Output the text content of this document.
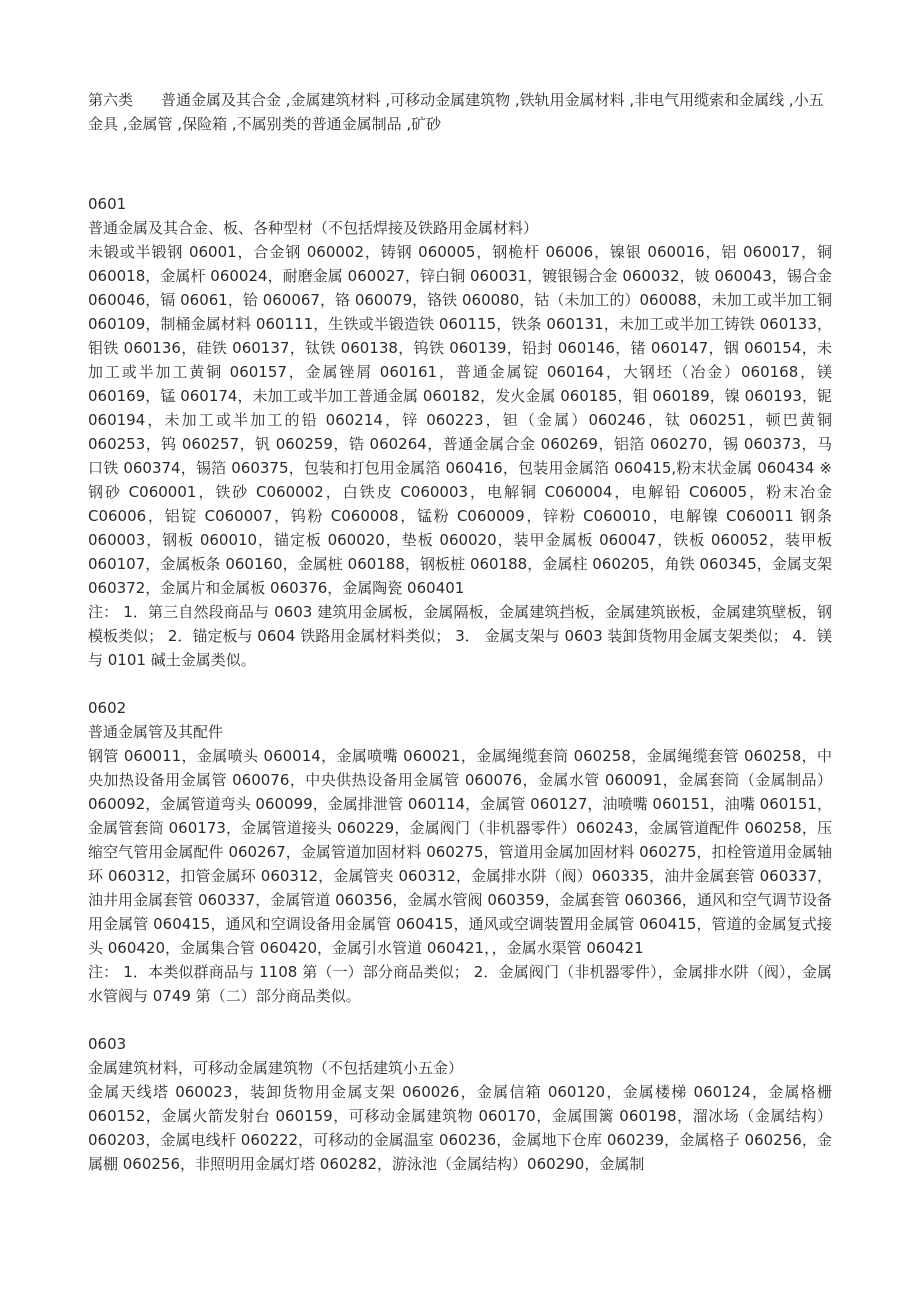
第六类 普通金属及其合金 ,金属建筑材料 ,可移动金属建筑物 ,铁轨用金属材料 ,非电气用缆索和金属线 ,小五金具 ,金属管 ,保险箱 ,不属别类的普通金属制品 ,矿砂

0601

普通金属及其合金、板、各种型材（不包括焊接及铁路用金属材料）

未锻或半锻钢 06001，合金钢 060002，铸钢 060005，钢桅杆 06006，镍银 060016，铝 060017，铜 060018，金属杆 060024，耐磨金属 060027，锌白铜 060031，镀银锡合金 060032，铍 060043，锡合金 060046，镉 06061，铪 060067，铬 060079，铬铁 060080，钴（未加工的）060088，未加工或半加工铜 060109，制桶金属材料 060111，生铁或半锻造铁 060115，铁条 060131，未加工或半加工铸铁 060133，钼铁 060136，硅铁 060137，钛铁 060138，钨铁 060139，铅封 060146，锗 060147，铟 060154，未加工或半加工黄铜 060157，金属锉屑 060161，普通金属锭 060164，大钢坯（冶金）060168，镁 060169，锰 060174，未加工或半加工普通金属 060182，发火金属 060185，钼 060189，镍 060193，铌 060194，未加工或半加工的铅 060214，锌 060223，钽（金属）060246，钛 060251，顿巴黄铜 060253，钨 060257，钒 060259，锆 060264，普通金属合金 060269，铝箔 060270，锡 060373，马口铁 060374，锡箔 060375，包装和打包用金属箔 060416，包装用金属箔 060415,粉末状金属 060434 ※钢砂 C060001，铁砂 C060002，白铁皮 C060003，电解铜 C060004，电解铅 C06005，粉末冶金 C06006，铝锭 C060007，钨粉 C060008，锰粉 C060009，锌粉 C060010，电解镍 C060011 钢条 060003，钢板 060010，锚定板 060020，垫板 060020，装甲金属板 060047，铁板 060052，装甲板 060107，金属板条 060160，金属桩 060188，钢板桩 060188，金属柱 060205，角铁 060345，金属支架 060372，金属片和金属板 060376，金属陶瓷 060401

注： 1．第三自然段商品与 0603 建筑用金属板，金属隔板，金属建筑挡板，金属建筑嵌板，金属建筑壁板，钢模板类似； 2．锚定板与 0604 铁路用金属材料类似； 3． 金属支架与 0603 装卸货物用金属支架类似； 4．镁与 0101 碱土金属类似。

0602

普通金属管及其配件

钢管 060011，金属喷头 060014，金属喷嘴 060021，金属绳缆套筒 060258，金属绳缆套管 060258，中央加热设备用金属管 060076，中央供热设备用金属管 060076，金属水管 060091，金属套筒（金属制品）060092，金属管道弯头 060099，金属排泄管 060114，金属管 060127，油喷嘴 060151，油嘴 060151，金属管套筒 060173，金属管道接头 060229，金属阀门（非机器零件）060243，金属管道配件 060258，压缩空气管用金属配件 060267，金属管道加固材料 060275，管道用金属加固材料 060275，扣栓管道用金属轴环 060312，扣管金属环 060312，金属管夹 060312，金属排水阱（阀）060335，油井金属套管 060337，油井用金属套管 060337，金属管道 060356，金属水管阀 060359，金属套管 060366，通风和空气调节设备用金属管 060415，通风和空调设备用金属管 060415，通风或空调装置用金属管 060415，管道的金属复式接头 060420，金属集合管 060420，金属引水管道 060421，，金属水渠管 060421

注： 1．本类似群商品与 1108 第（一）部分商品类似； 2．金属阀门（非机器零件），金属排水阱（阀），金属水管阀与 0749 第（二）部分商品类似。

0603

金属建筑材料，可移动金属建筑物（不包括建筑小五金）

金属天线塔 060023，装卸货物用金属支架 060026，金属信箱 060120，金属楼梯 060124，金属格栅 060152，金属火箭发射台 060159，可移动金属建筑物 060170，金属围篱 060198，溜冰场（金属结构）060203，金属电线杆 060222，可移动的金属温室 060236，金属地下仓库 060239，金属格子 060256，金属棚 060256，非照明用金属灯塔 060282，游泳池（金属结构）060290，金属制
